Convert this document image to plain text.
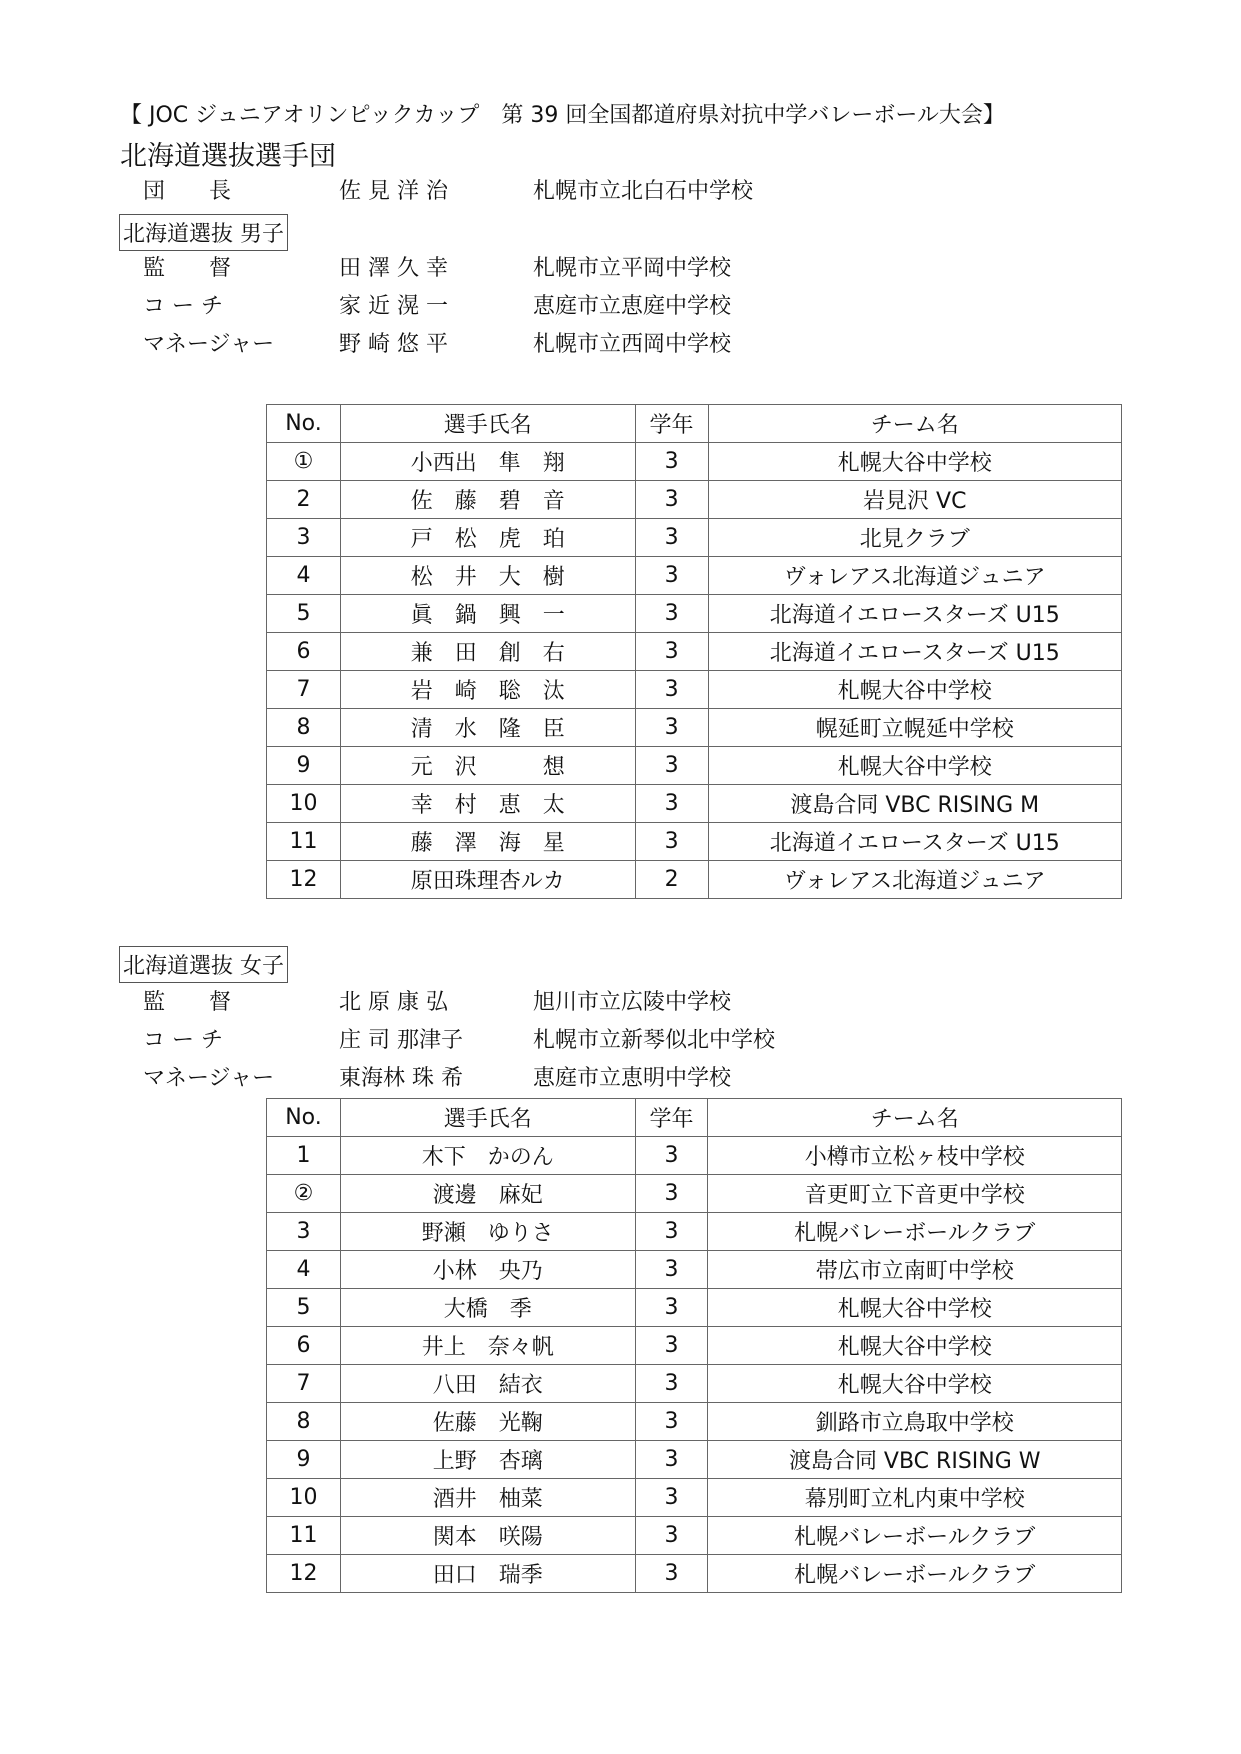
【 JOC ジュニアオリンピックカップ　第 39 回全国都道府県対抗中学バレーボール大会】
北海道選抜選手団
団　　長	佐 見 洋 治	札幌市立北白石中学校
北海道選抜 男子
監　　督	田 澤 久 幸	札幌市立平岡中学校
コ ー チ	家 近 滉 一	恵庭市立恵庭中学校
マネージャー	野 崎 悠 平	札幌市立西岡中学校
No.	選手氏名	学年	チーム名
①	小西出　隼　翔	3	札幌大谷中学校
2	佐　藤　碧　音	3	岩見沢 VC
3	戸　松　虎　珀	3	北見クラブ
4	松　井　大　樹	3	ヴォレアス北海道ジュニア
5	眞　鍋　興　一	3	北海道イエロースターズ U15
6	兼　田　創　右	3	北海道イエロースターズ U15
7	岩　崎　聡　汰	3	札幌大谷中学校
8	清　水　隆　臣	3	幌延町立幌延中学校
9	元　沢　　　想	3	札幌大谷中学校
10	幸　村　恵　太	3	渡島合同 VBC RISING M
11	藤　澤　海　星	3	北海道イエロースターズ U15
12	原田珠理杏ルカ	2	ヴォレアス北海道ジュニア
北海道選抜 女子
監　　督	北 原 康 弘	旭川市立広陵中学校
コ ー チ	庄 司 那津子	札幌市立新琴似北中学校
マネージャー	東海林 珠 希	恵庭市立恵明中学校
No.	選手氏名	学年	チーム名
1	木下　かのん	3	小樽市立松ヶ枝中学校
②	渡邊　麻妃	3	音更町立下音更中学校
3	野瀬　ゆりさ	3	札幌バレーボールクラブ
4	小林　央乃	3	帯広市立南町中学校
5	大橋　季	3	札幌大谷中学校
6	井上　奈々帆	3	札幌大谷中学校
7	八田　結衣	3	札幌大谷中学校
8	佐藤　光鞠	3	釧路市立鳥取中学校
9	上野　杏璃	3	渡島合同 VBC RISING W
10	酒井　柚菜	3	幕別町立札内東中学校
11	関本　咲陽	3	札幌バレーボールクラブ
12	田口　瑞季	3	札幌バレーボールクラブ
